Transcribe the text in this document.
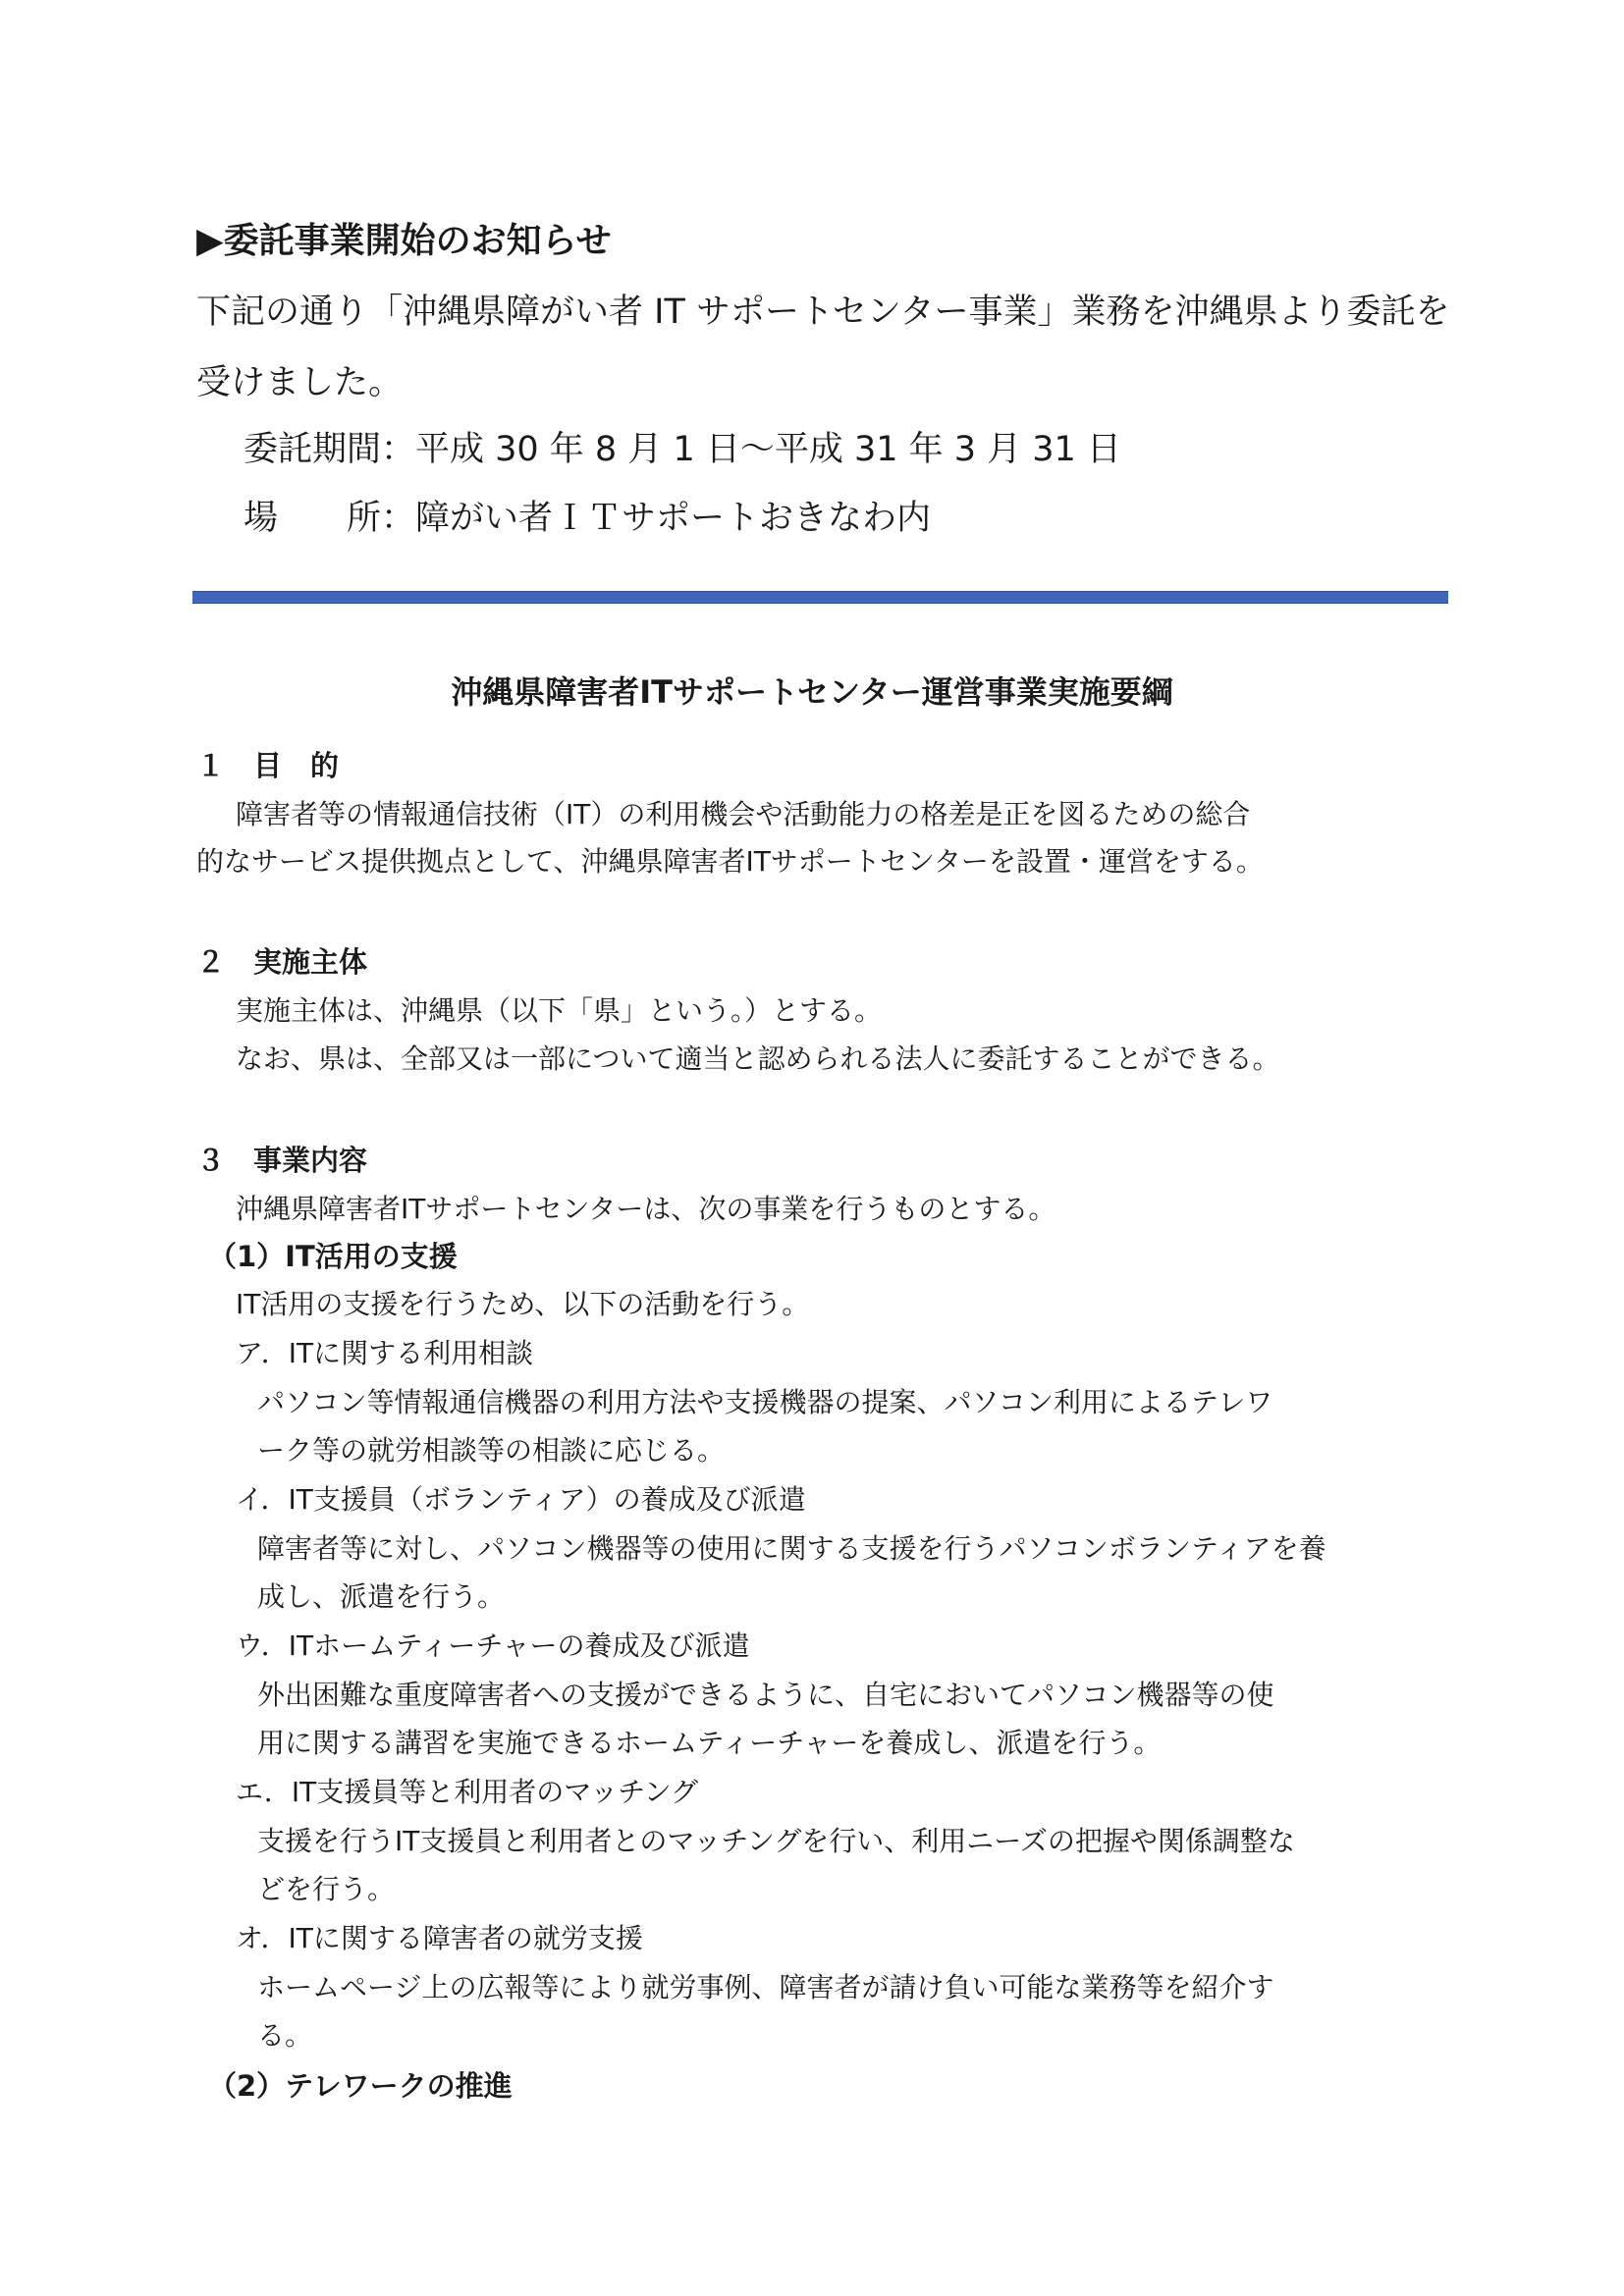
▶委託事業開始のお知らせ
下記の通り「沖縄県障がい者 IT サポートセンター事業」業務を沖縄県より委託を
受けました。
委託期間：平成 30 年 8 月 1 日～平成 31 年 3 月 31 日
場　　所：障がい者ＩＴサポートおきなわ内
沖縄県障害者ITサポートセンター運営事業実施要綱
１　目　的
障害者等の情報通信技術（IT）の利用機会や活動能力の格差是正を図るための総合
的なサービス提供拠点として、沖縄県障害者ITサポートセンターを設置・運営をする。
２　実施主体
実施主体は、沖縄県（以下「県」という。）とする。
なお、県は、全部又は一部について適当と認められる法人に委託することができる。
３　事業内容
沖縄県障害者ITサポートセンターは、次の事業を行うものとする。
（1）IT活用の支援
IT活用の支援を行うため、以下の活動を行う。
ア．ITに関する利用相談
パソコン等情報通信機器の利用方法や支援機器の提案、パソコン利用によるテレワ
ーク等の就労相談等の相談に応じる。
イ．IT支援員（ボランティア）の養成及び派遣
障害者等に対し、パソコン機器等の使用に関する支援を行うパソコンボランティアを養
成し、派遣を行う。
ウ．ITホームティーチャーの養成及び派遣
外出困難な重度障害者への支援ができるように、自宅においてパソコン機器等の使
用に関する講習を実施できるホームティーチャーを養成し、派遣を行う。
エ．IT支援員等と利用者のマッチング
支援を行うIT支援員と利用者とのマッチングを行い、利用ニーズの把握や関係調整な
どを行う。
オ．ITに関する障害者の就労支援
ホームページ上の広報等により就労事例、障害者が請け負い可能な業務等を紹介す
る。
（2）テレワークの推進
